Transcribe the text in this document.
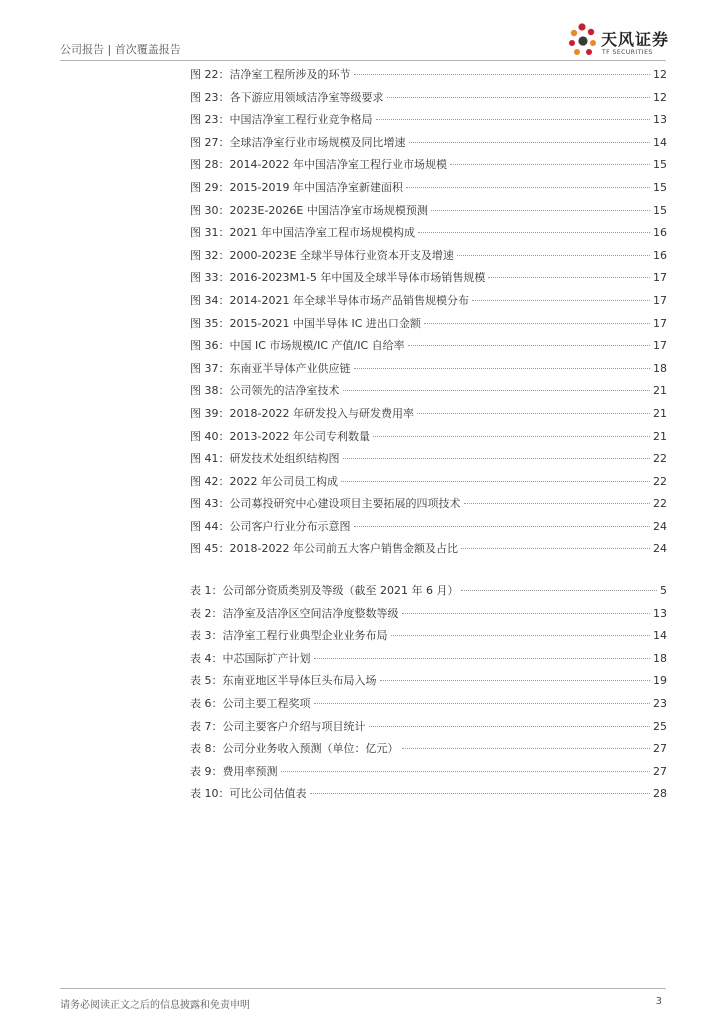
公司报告 | 首次覆盖报告
天风证券
TF SECURITIES
图 22：洁净室工程所涉及的环节	12
图 23：各下游应用领域洁净室等级要求	12
图 23：中国洁净室工程行业竞争格局	13
图 27：全球洁净室行业市场规模及同比增速	14
图 28：2014-2022 年中国洁净室工程行业市场规模	15
图 29：2015-2019 年中国洁净室新建面积	15
图 30：2023E-2026E 中国洁净室市场规模预测	15
图 31：2021 年中国洁净室工程市场规模构成	16
图 32：2000-2023E 全球半导体行业资本开支及增速	16
图 33：2016-2023M1-5 年中国及全球半导体市场销售规模	17
图 34：2014-2021 年全球半导体市场产品销售规模分布	17
图 35：2015-2021 中国半导体 IC 进出口金额	17
图 36：中国 IC 市场规模/IC 产值/IC 自给率	17
图 37：东南亚半导体产业供应链	18
图 38：公司领先的洁净室技术	21
图 39：2018-2022 年研发投入与研发费用率	21
图 40：2013-2022 年公司专利数量	21
图 41：研发技术处组织结构图	22
图 42：2022 年公司员工构成	22
图 43：公司募投研究中心建设项目主要拓展的四项技术	22
图 44：公司客户行业分布示意图	24
图 45：2018-2022 年公司前五大客户销售金额及占比	24
表 1：公司部分资质类别及等级（截至 2021 年 6 月）	5
表 2：洁净室及洁净区空间洁净度整数等级	13
表 3：洁净室工程行业典型企业业务布局	14
表 4：中芯国际扩产计划	18
表 5：东南亚地区半导体巨头布局入场	19
表 6：公司主要工程奖项	23
表 7：公司主要客户介绍与项目统计	25
表 8：公司分业务收入预测（单位：亿元）	27
表 9：费用率预测	27
表 10：可比公司估值表	28
请务必阅读正文之后的信息披露和免责申明	3
